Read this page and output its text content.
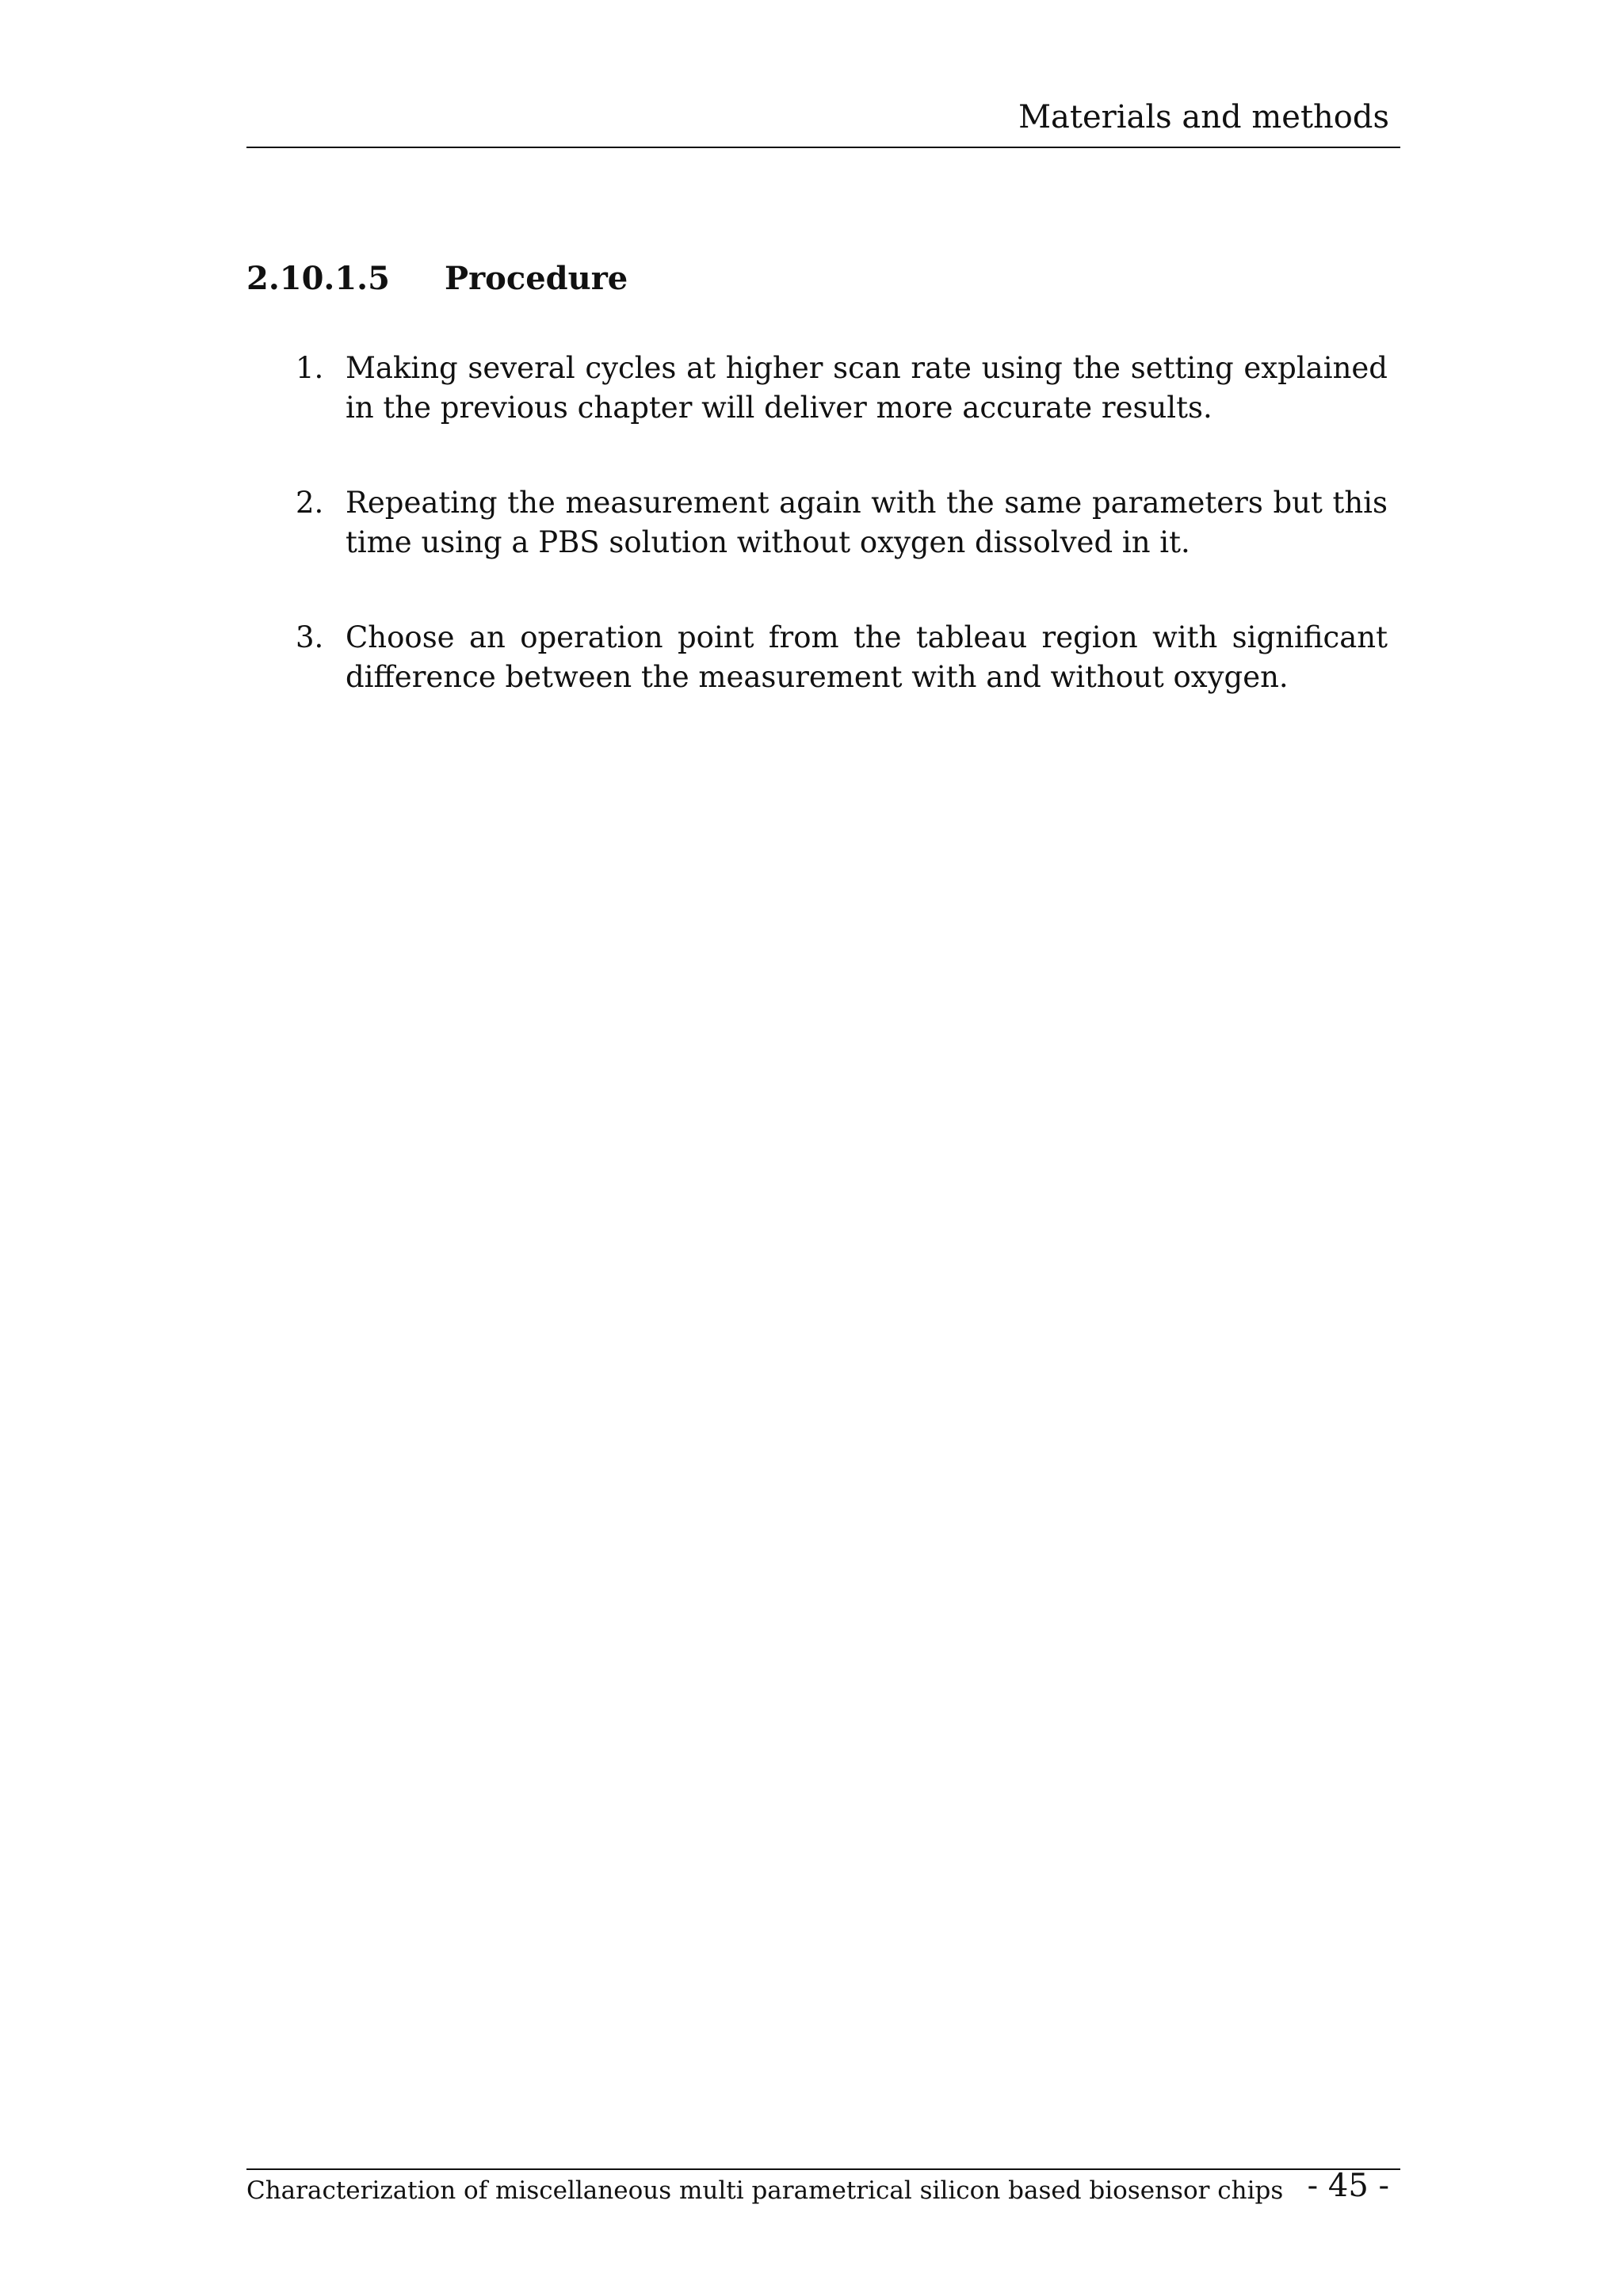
Materials and methods
2.10.1.5 Procedure
1. Making several cycles at higher scan rate using the setting explained in the previous chapter will deliver more accurate results.
2. Repeating the measurement again with the same parameters but this time using a PBS solution without oxygen dissolved in it.
3. Choose an operation point from the tableau region with significant difference between the measurement with and without oxygen.
Characterization of miscellaneous multi parametrical silicon based biosensor chips - 45 -
